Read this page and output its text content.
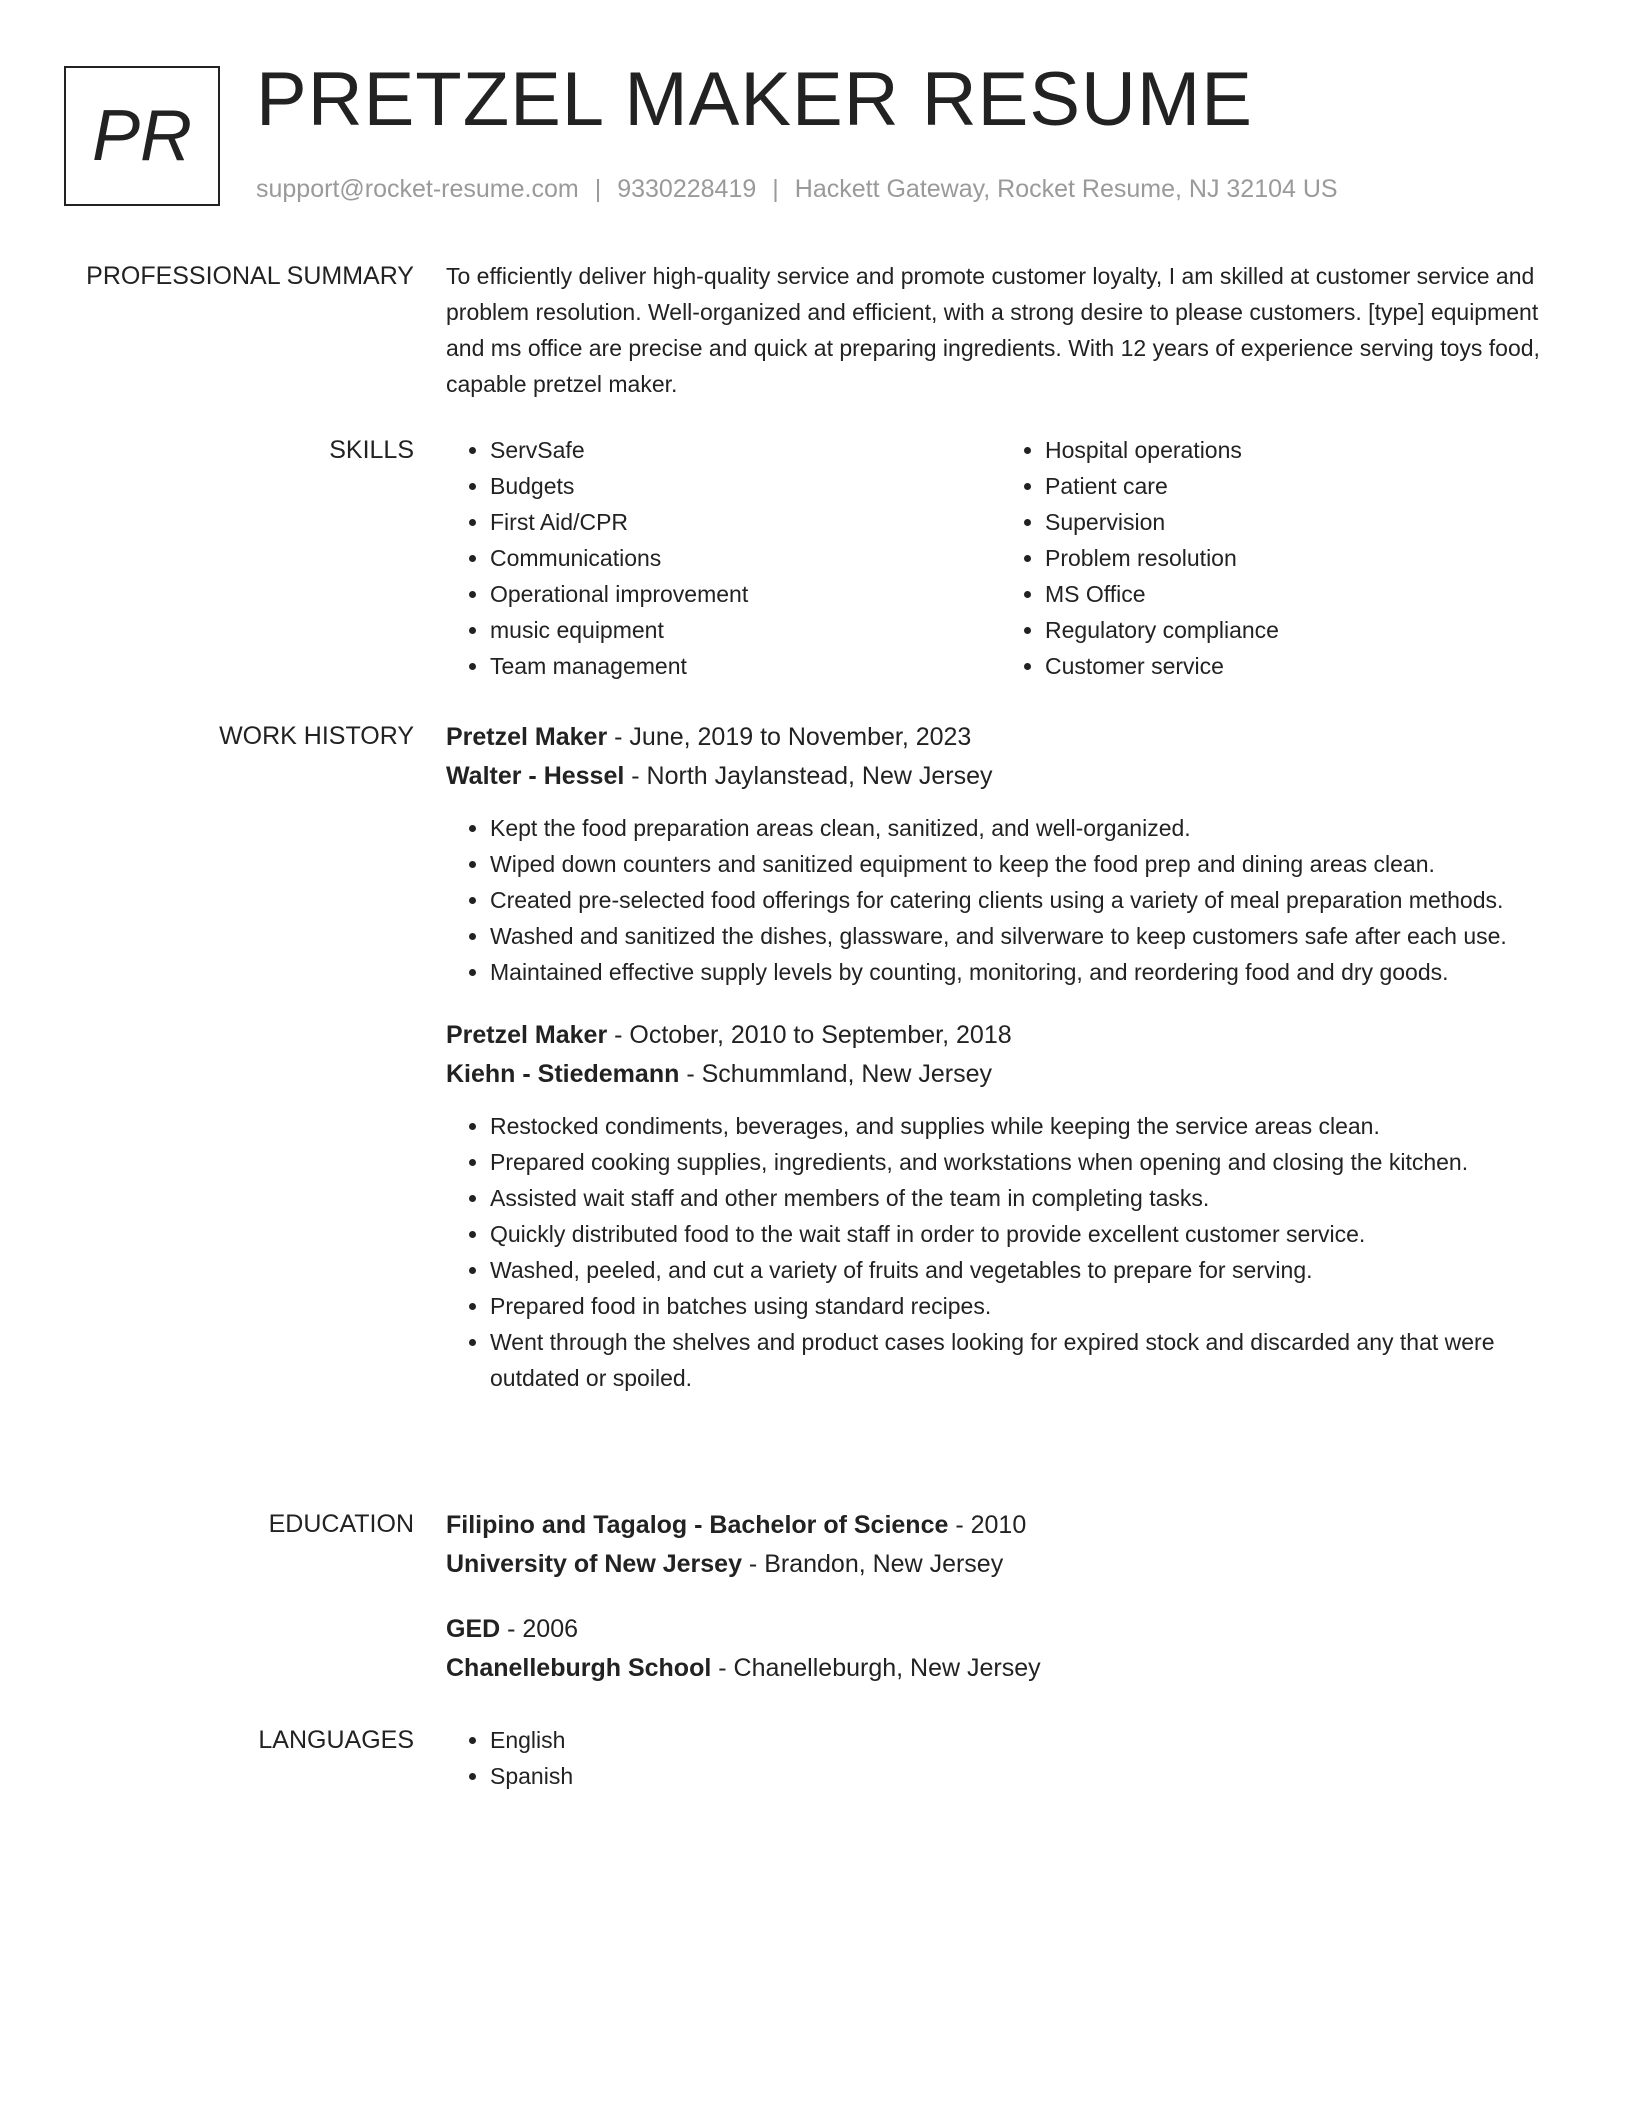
PR PRETZEL MAKER RESUME
support@rocket-resume.com | 9330228419 | Hackett Gateway, Rocket Resume, NJ 32104 US
PROFESSIONAL SUMMARY To efficiently deliver high-quality service and promote customer loyalty, I am skilled at customer service and problem resolution. Well-organized and efficient, with a strong desire to please customers. [type] equipment and ms office are precise and quick at preparing ingredients. With 12 years of experience serving toys food, capable pretzel maker.

SKILLS	• ServSafe
• Budgets
• First Aid/CPR
• Communications
• Operational improvement
• music equipment
• Team management
• Hospital operations
• Patient care
• Supervision
• Problem resolution
• MS Office
• Regulatory compliance
• Customer service
WORK HISTORY Pretzel Maker - June, 2019 to November, 2023
Walter - Hessel - North Jaylanstead, New Jersey
• Kept the food preparation areas clean, sanitized, and well-organized.
• Wiped down counters and sanitized equipment to keep the food prep and dining areas clean.
• Created pre-selected food offerings for catering clients using a variety of meal preparation methods.
• Washed and sanitized the dishes, glassware, and silverware to keep customers safe after each use.
• Maintained effective supply levels by counting, monitoring, and reordering food and dry goods.
Pretzel Maker - October, 2010 to September, 2018
Kiehn - Stiedemann - Schummland, New Jersey
• Restocked condiments, beverages, and supplies while keeping the service areas clean.
• Prepared cooking supplies, ingredients, and workstations when opening and closing the kitchen.
• Assisted wait staff and other members of the team in completing tasks.
• Quickly distributed food to the wait staff in order to provide excellent customer service.
• Washed, peeled, and cut a variety of fruits and vegetables to prepare for serving.
• Prepared food in batches using standard recipes.
• Went through the shelves and product cases looking for expired stock and discarded any that were outdated or spoiled.
EDUCATION Filipino and Tagalog - Bachelor of Science - 2010
University of New Jersey - Brandon, New Jersey
GED - 2006
Chanelleburgh School - Chanelleburgh, New Jersey
LANGUAGES	• English
• Spanish
